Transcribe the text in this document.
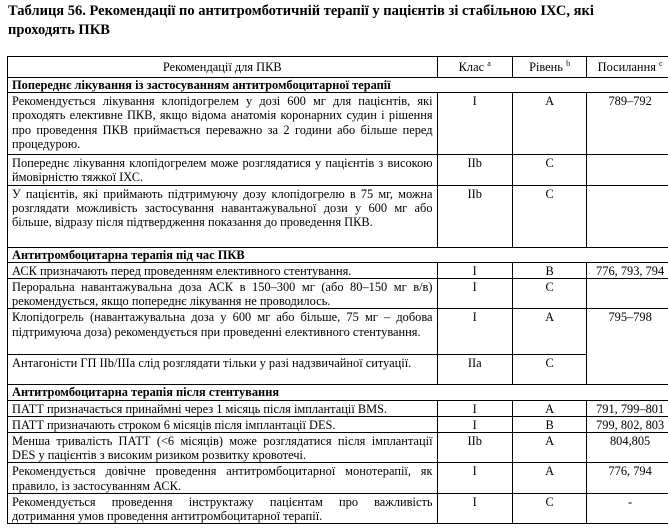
Таблиця 56. Рекомендації по антитромботичній терапії у пацієнтів зі стабільною ІХС, які
проходять ПКВ
Рекомендації для ПКВ	Клас $^a$	Рівень $^b$	Посилання $^c$
Попереднє лікування із застосуванням антитромбоцитарної терапії			
Рекомендується лікування клопідогрелем у дозі 600 мг для пацієнтів, які проходять елективне ПКВ, якщо відома анатомія коронарних судин і рішення про проведення ПКВ приймається переважно за 2 години або більше перед процедурою.	I	A	789–792
Попереднє лікування клопідогрелем може розглядатися у пацієнтів з високою ймовірністю тяжкої ІХС.	IIb	C	
У пацієнтів, які приймають підтримуючу дозу клопідогрелю в 75 мг, можна розглядати можливість застосування навантажувальної дози у 600 мг або більше, відразу після підтвердження показання до проведення ПКВ.	IIb	C	
Антитромбоцитарна терапія під час ПКВ			
АСК призначають перед проведенням елективного стентування.	I	B	776, 793, 794
Пероральна навантажувальна доза АСК в 150–300 мг (або 80–150 мг в/в) рекомендується, якщо попереднє лікування не проводилось.	I	C	
Клопідогрель (навантажувальна доза у 600 мг або більше, 75 мг – добова підтримуюча доза) рекомендується при проведенні елективного стентування.	I	A	795–798
Антагоністи ГП IIb/IIIa слід розглядати тільки у разі надзвичайної ситуації.	IIa	C	
Антитромбоцитарна терапія після стентування			
ПАТТ призначається принаймні через 1 місяць після імплантації BMS.	I	A	791, 799–801
ПАТТ призначають строком 6 місяців після імплантації DES.	I	B	799, 802, 803
Менша тривалість ПАТТ (<6 місяців) може розглядатися після імплантації DES у пацієнтів з високим ризиком розвитку кровотечі.	IIb	A	804,805
Рекомендується довічне проведення антитромбоцитарної монотерапії, як правило, із застосуванням АСК.	I	A	776, 794
Рекомендується проведення інструктажу пацієнтам про важливість дотримання умов проведення антитромбоцитарної терапії.	I	C	-
